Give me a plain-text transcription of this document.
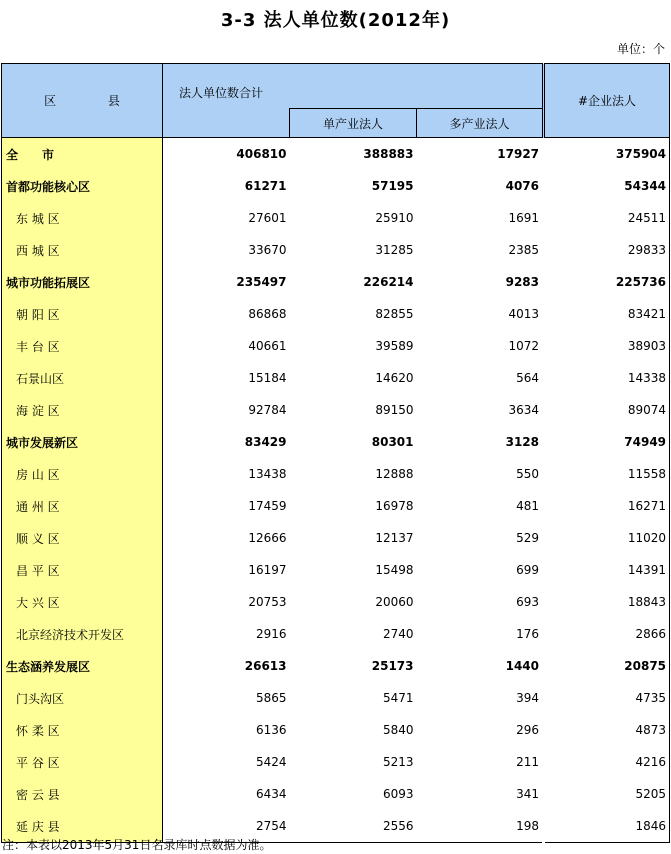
3-3 法人单位数(2012年)
单位：个
区 县	法人单位数合计			#企业法人
		单产业法人	多产业法人	
全　　市	406810	388883	17927	375904
首都功能核心区	61271	57195	4076	54344
东 城 区	27601	25910	1691	24511
西 城 区	33670	31285	2385	29833
城市功能拓展区	235497	226214	9283	225736
朝 阳 区	86868	82855	4013	83421
丰 台 区	40661	39589	1072	38903
石景山区	15184	14620	564	14338
海 淀 区	92784	89150	3634	89074
城市发展新区	83429	80301	3128	74949
房 山 区	13438	12888	550	11558
通 州 区	17459	16978	481	16271
顺 义 区	12666	12137	529	11020
昌 平 区	16197	15498	699	14391
大 兴 区	20753	20060	693	18843
北京经济技术开发区	2916	2740	176	2866
生态涵养发展区	26613	25173	1440	20875
门头沟区	5865	5471	394	4735
怀 柔 区	6136	5840	296	4873
平 谷 区	5424	5213	211	4216
密 云 县	6434	6093	341	5205
延 庆 县	2754	2556	198	1846
注：本表以2013年5月31日名录库时点数据为准。
